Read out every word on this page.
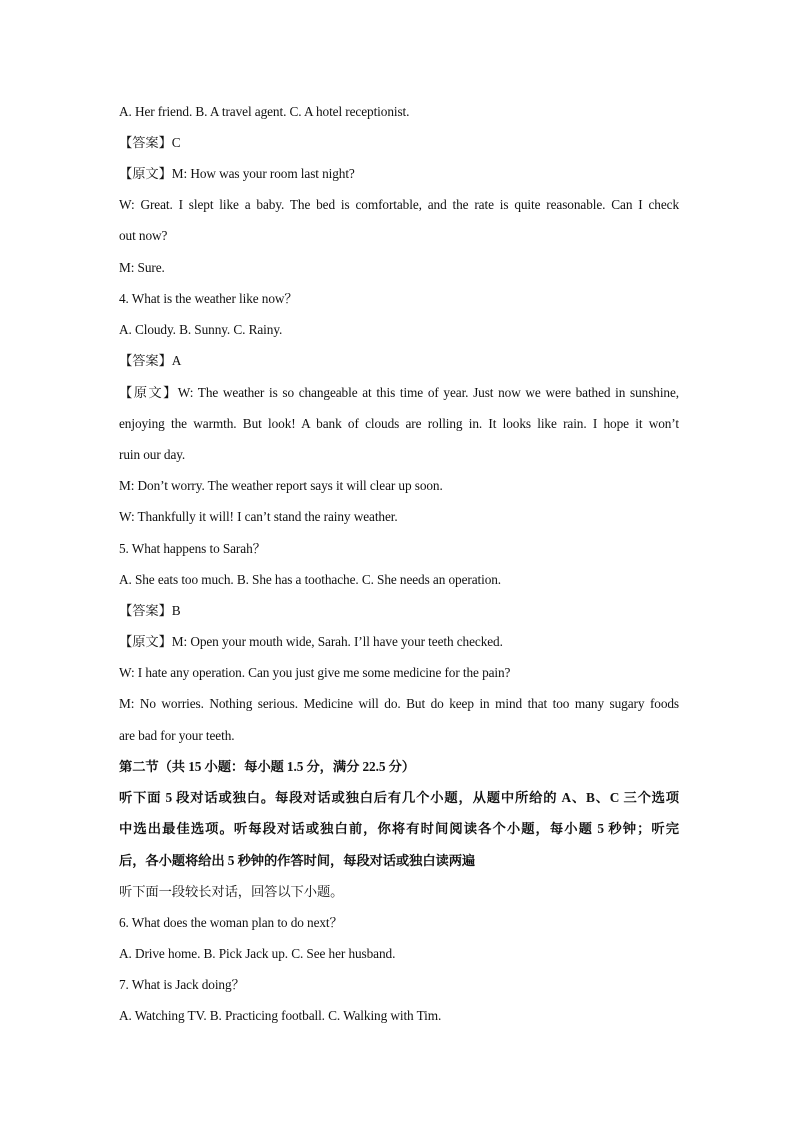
A. Her friend. B. A travel agent. C. A hotel receptionist.
【答案】C
【原文】M: How was your room last night?
W: Great. I slept like a baby. The bed is comfortable, and the rate is quite reasonable. Can I check
out now?
M: Sure.
4. What is the weather like now？
A. Cloudy. B. Sunny. C. Rainy.
【答案】A
【原文】W: The weather is so changeable at this time of year. Just now we were bathed in sunshine,
enjoying the warmth. But look! A bank of clouds are rolling in. It looks like rain. I hope it won’t
ruin our day.
M: Don’t worry. The weather report says it will clear up soon.
W: Thankfully it will! I can’t stand the rainy weather.
5. What happens to Sarah？
A. She eats too much. B. She has a toothache. C. She needs an operation.
【答案】B
【原文】M: Open your mouth wide, Sarah. I’ll have your teeth checked.
W: I hate any operation. Can you just give me some medicine for the pain?
M: No worries. Nothing serious. Medicine will do. But do keep in mind that too many sugary foods
are bad for your teeth.
第二节（共 15 小题：每小题 1.5 分，满分 22.5 分）
听下面 5 段对话或独白。每段对话或独白后有几个小题，从题中所给的 A、B、C 三个选项
中选出最佳选项。听每段对话或独白前，你将有时间阅读各个小题，每小题 5 秒钟；听完
后，各小题将给出 5 秒钟的作答时间，每段对话或独白读两遍
听下面一段较长对话，回答以下小题。
6. What does the woman plan to do next？
A. Drive home. B. Pick Jack up. C. See her husband.
7. What is Jack doing？
A. Watching TV. B. Practicing football. C. Walking with Tim.
